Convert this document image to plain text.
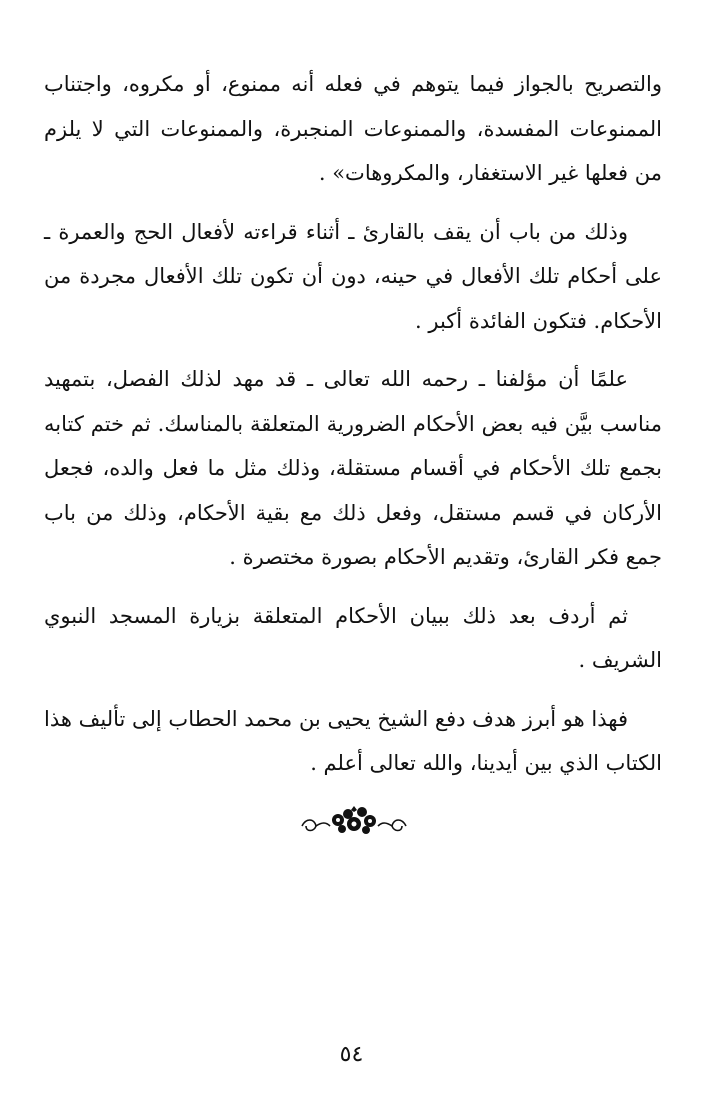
والتصريح بالجواز فيما يتوهم في فعله أنه ممنوع، أو مكروه، واجتناب الممنوعات المفسدة، والممنوعات المنجبرة، والممنوعات التي لا يلزم من فعلها غير الاستغفار، والمكروهات» .

وذلك من باب أن يقف بالقارئ ـ أثناء قراءته لأفعال الحج والعمرة ـ على أحكام تلك الأفعال في حينه، دون أن تكون تلك الأفعال مجردة من الأحكام. فتكون الفائدة أكبر .

علمًا أن مؤلفنا ـ رحمه الله تعالى ـ قد مهد لذلك الفصل، بتمهيد مناسب بيَّن فيه بعض الأحكام الضرورية المتعلقة بالمناسك. ثم ختم كتابه بجمع تلك الأحكام في أقسام مستقلة، وذلك مثل ما فعل والده، فجعل الأركان في قسم مستقل، وفعل ذلك مع بقية الأحكام، وذلك من باب جمع فكر القارئ، وتقديم الأحكام بصورة مختصرة .

ثم أردف بعد ذلك ببيان الأحكام المتعلقة بزيارة المسجد النبوي الشريف .

فهذا هو أبرز هدف دفع الشيخ يحيى بن محمد الحطاب إلى تأليف هذا الكتاب الذي بين أيدينا، والله تعالى أعلم .

٥٤
